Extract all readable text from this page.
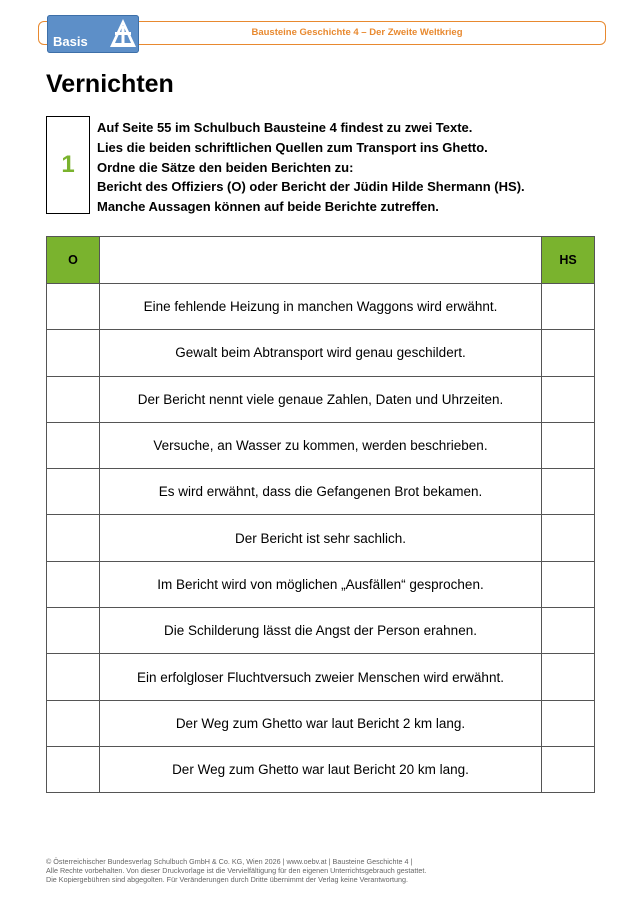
Bausteine Geschichte 4 – Der Zweite Weltkrieg
Basis
Vernichten
1
Auf Seite 55 im Schulbuch Bausteine 4 findest zu zwei Texte.
Lies die beiden schriftlichen Quellen zum Transport ins Ghetto.
Ordne die Sätze den beiden Berichten zu:
Bericht des Offiziers (O) oder Bericht der Jüdin Hilde Shermann (HS).
Manche Aussagen können auf beide Berichte zutreffen.
O		HS
	Eine fehlende Heizung in manchen Waggons wird erwähnt.	
	Gewalt beim Abtransport wird genau geschildert.	
	Der Bericht nennt viele genaue Zahlen, Daten und Uhrzeiten.	
	Versuche, an Wasser zu kommen, werden beschrieben.	
	Es wird erwähnt, dass die Gefangenen Brot bekamen.	
	Der Bericht ist sehr sachlich.	
	Im Bericht wird von möglichen „Ausfällen“ gesprochen.	
	Die Schilderung lässt die Angst der Person erahnen.	
	Ein erfolgloser Fluchtversuch zweier Menschen wird erwähnt.	
	Der Weg zum Ghetto war laut Bericht 2 km lang.	
	Der Weg zum Ghetto war laut Bericht 20 km lang.	
© Österreichischer Bundesverlag Schulbuch GmbH & Co. KG, Wien 2026 | www.oebv.at | Bausteine Geschichte 4 |
Alle Rechte vorbehalten. Von dieser Druckvorlage ist die Vervielfältigung für den eigenen Unterrichtsgebrauch gestattet.
Die Kopiergebühren sind abgegolten. Für Veränderungen durch Dritte übernimmt der Verlag keine Verantwortung.
